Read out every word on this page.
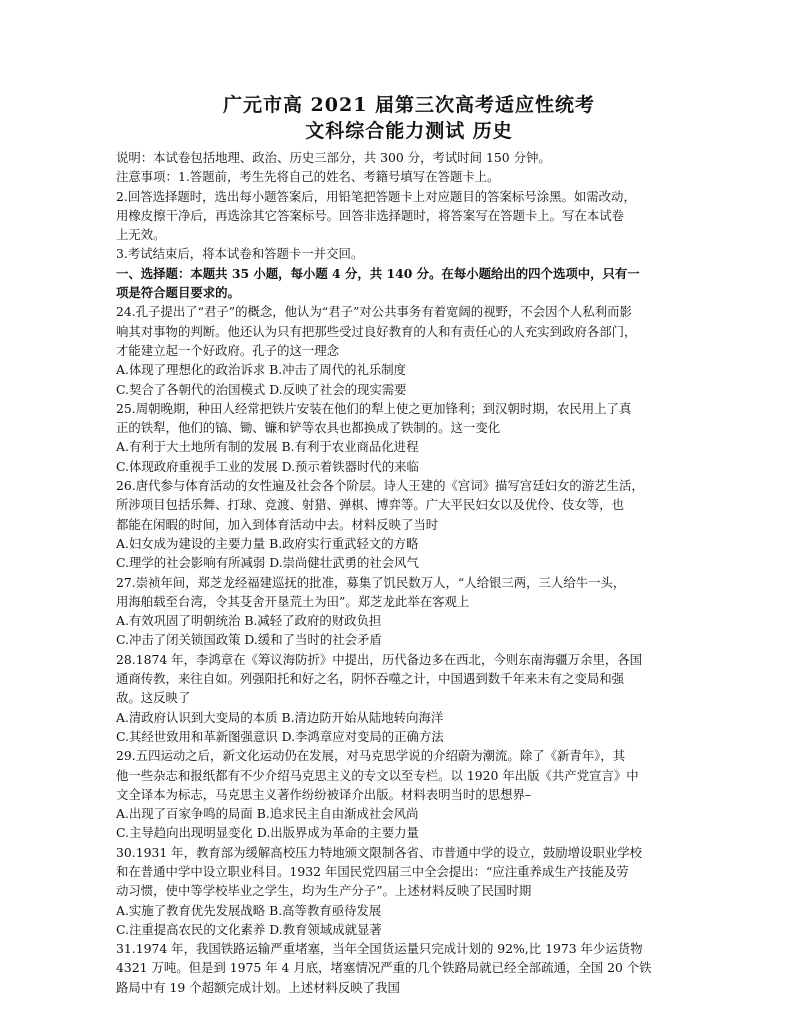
广元市高 2021 届第三次高考适应性统考
文科综合能力测试 历史
说明：本试卷包括地理、政治、历史三部分，共 300 分，考试时间 150 分钟。
注意事项：1.答题前，考生先将自己的姓名、考籍号填写在答题卡上。
2.回答选择题时，选出每小题答案后，用铅笔把答题卡上对应题目的答案标号涂黑。如需改动，
用橡皮擦干净后，再选涂其它答案标号。回答非选择题时，将答案写在答题卡上。写在本试卷
上无效。
3.考试结束后，将本试卷和答题卡一并交回。
一、选择题：本题共 35 小题，每小题 4 分，共 140 分。在每小题给出的四个选项中，只有一
项是符合题目要求的。
24.孔子提出了“君子”的概念，他认为“君子”对公共事务有着宽阔的视野，不会因个人私利而影
响其对事物的判断。他还认为只有把那些受过良好教育的人和有责任心的人充实到政府各部门，
才能建立起一个好政府。孔子的这一理念
A.体现了理想化的政治诉求 B.冲击了周代的礼乐制度
C.契合了各朝代的治国模式 D.反映了社会的现实需要
25.周朝晚期，种田人经常把铁片安装在他们的犁上使之更加锋利；到汉朝时期，农民用上了真
正的铁犁，他们的镐、锄、镰和铲等农具也都换成了铁制的。这一变化
A.有利于大土地所有制的发展 B.有利于农业商品化进程
C.体现政府重视手工业的发展 D.预示着铁器时代的来临
26.唐代参与体育活动的女性遍及社会各个阶层。诗人王建的《宫词》描写宫廷妇女的游艺生活，
所涉项目包括乐舞、打球、竞渡、射猎、弹棋、博弈等。广大平民妇女以及优伶、伎女等，也
都能在闲暇的时间，加入到体育活动中去。材料反映了当时
A.妇女成为建设的主要力量 B.政府实行重武轻文的方略
C.理学的社会影响有所减弱 D.崇尚健壮武勇的社会风气
27.崇祯年间，郑芝龙经福建巡抚的批准，募集了饥民数万人，“人给银三两，三人给牛一头，
用海舶载至台湾，令其芟舍开垦荒土为田”。郑芝龙此举在客观上
A.有效巩固了明朝统治 B.减轻了政府的财政负担
C.冲击了闭关锁国政策 D.缓和了当时的社会矛盾
28.1874 年，李鸿章在《筹议海防折》中提出，历代备边多在西北，今则东南海疆万余里，各国
通商传教，来往自如。列强阳托和好之名，阴怀吞噬之计，中国遇到数千年来未有之变局和强
敌。这反映了
A.清政府认识到大变局的本质 B.清边防开始从陆地转向海洋
C.其经世致用和革新图强意识 D.李鸿章应对变局的正确方法
29.五四运动之后，新文化运动仍在发展，对马克思学说的介绍蔚为潮流。除了《新青年》，其
他一些杂志和报纸都有不少介绍马克思主义的专文以至专栏。以 1920 年出版《共产党宣言》中
文全译本为标志，马克思主义著作纷纷被译介出版。材料表明当时的思想界–
A.出现了百家争鸣的局面 B.追求民主自由渐成社会风尚
C.主导趋向出现明显变化 D.出版界成为革命的主要力量
30.1931 年，教育部为缓解高校压力特地颁文限制各省、市普通中学的设立，鼓励增设职业学校
和在普通中学中设立职业科目。1932 年国民党四届三中全会提出：“应注重养成生产技能及劳
动习惯，使中等学校毕业之学生，均为生产分子”。上述材料反映了民国时期
A.实施了教育优先发展战略 B.高等教育亟待发展
C.注重提高农民的文化素养 D.教育领域成就显著
31.1974 年，我国铁路运输严重堵塞，当年全国货运量只完成计划的 92%,比 1973 年少运货物
4321 万吨。但是到 1975 年 4 月底，堵塞情况严重的几个铁路局就已经全部疏通，全国 20 个铁
路局中有 19 个超额完成计划。上述材料反映了我国
